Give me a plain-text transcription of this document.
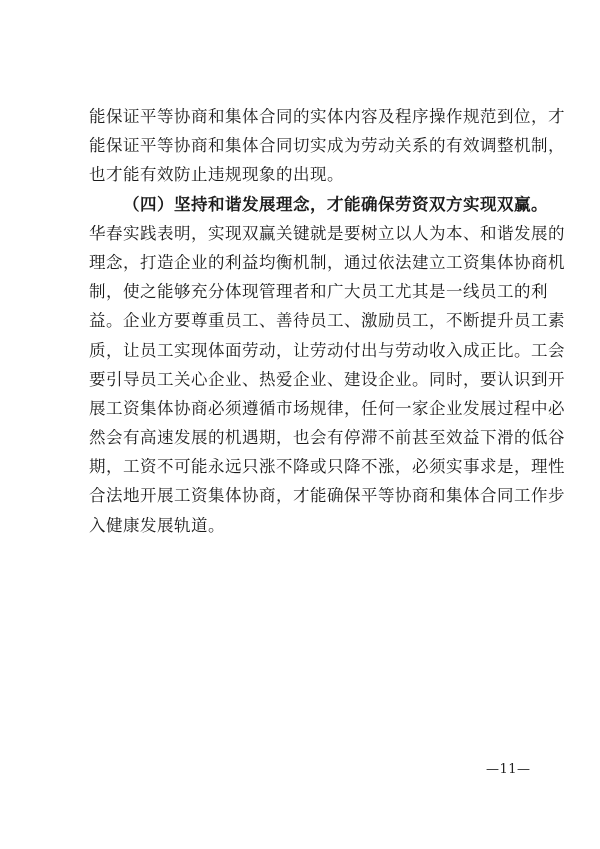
能保证平等协商和集体合同的实体内容及程序操作规范到位，才
能保证平等协商和集体合同切实成为劳动关系的有效调整机制，
也才能有效防止违规现象的出现。
（四）坚持和谐发展理念，才能确保劳资双方实现双赢。
华春实践表明，实现双赢关键就是要树立以人为本、和谐发展的
理念，打造企业的利益均衡机制，通过依法建立工资集体协商机
制，使之能够充分体现管理者和广大员工尤其是一线员工的利
益。企业方要尊重员工、善待员工、激励员工，不断提升员工素
质，让员工实现体面劳动，让劳动付出与劳动收入成正比。工会
要引导员工关心企业、热爱企业、建设企业。同时，要认识到开
展工资集体协商必须遵循市场规律，任何一家企业发展过程中必
然会有高速发展的机遇期，也会有停滞不前甚至效益下滑的低谷
期，工资不可能永远只涨不降或只降不涨，必须实事求是，理性
合法地开展工资集体协商，才能确保平等协商和集体合同工作步
入健康发展轨道。
—11—
